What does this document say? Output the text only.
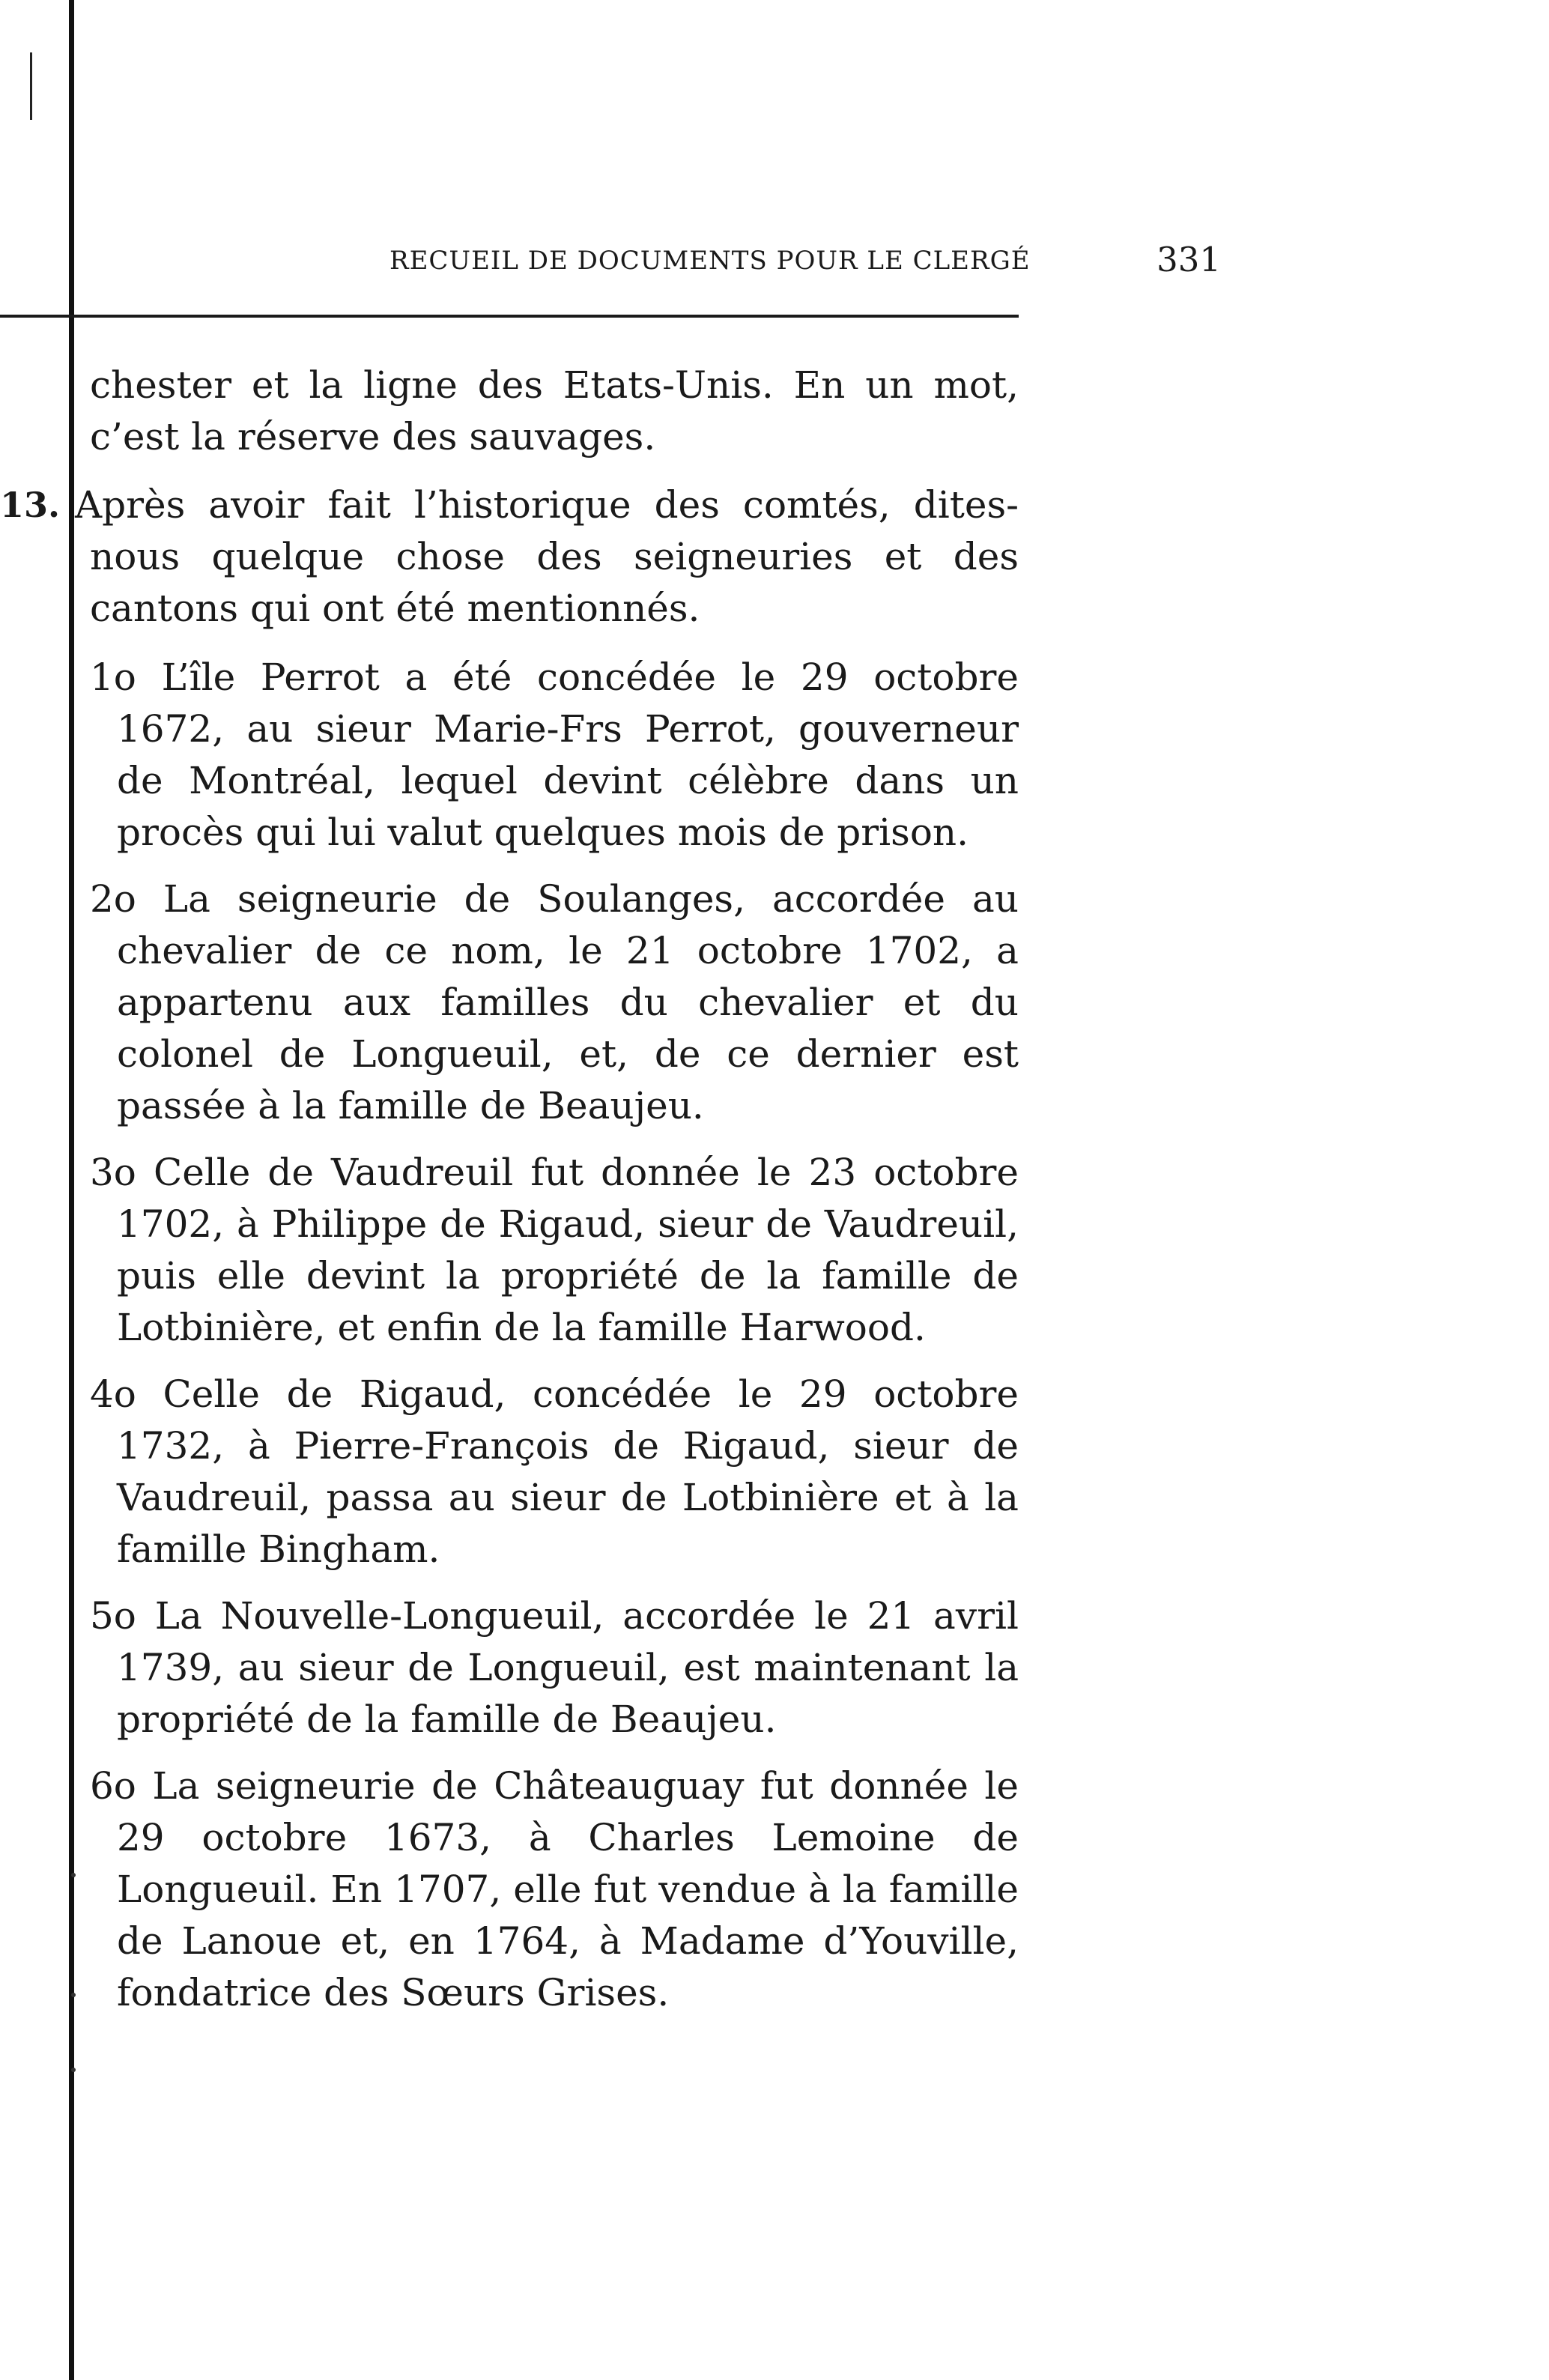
RECUEIL DE DOCUMENTS POUR LE CLERGÉ	331

chester et la ligne des Etats-Unis. En un mot, c’est la réserve des sauvages.

13. Après avoir fait l’historique des comtés, dites-nous quelque chose des seigneuries et des cantons qui ont été mentionnés.

1o L’île Perrot a été concédée le 29 octobre 1672, au sieur Marie-Frs Perrot, gouverneur de Montréal, lequel devint célèbre dans un procès qui lui valut quelques mois de prison.

2o La seigneurie de Soulanges, accordée au chevalier de ce nom, le 21 octobre 1702, a appartenu aux familles du chevalier et du colonel de Longueuil, et, de ce dernier est passée à la famille de Beaujeu.

3o Celle de Vaudreuil fut donnée le 23 octobre 1702, à Philippe de Rigaud, sieur de Vaudreuil, puis elle devint la propriété de la famille de Lotbinière, et enfin de la famille Harwood.

4o Celle de Rigaud, concédée le 29 octobre 1732, à Pierre-François de Rigaud, sieur de Vaudreuil, passa au sieur de Lotbinière et à la famille Bingham.

5o La Nouvelle-Longueuil, accordée le 21 avril 1739, au sieur de Longueuil, est maintenant la propriété de la famille de Beaujeu.

6o La seigneurie de Châteauguay fut donnée le 29 octobre 1673, à Charles Lemoine de Longueuil. En 1707, elle fut vendue à la famille de Lanoue et, en 1764, à Madame d’Youville, fondatrice des Sœurs Grises.
